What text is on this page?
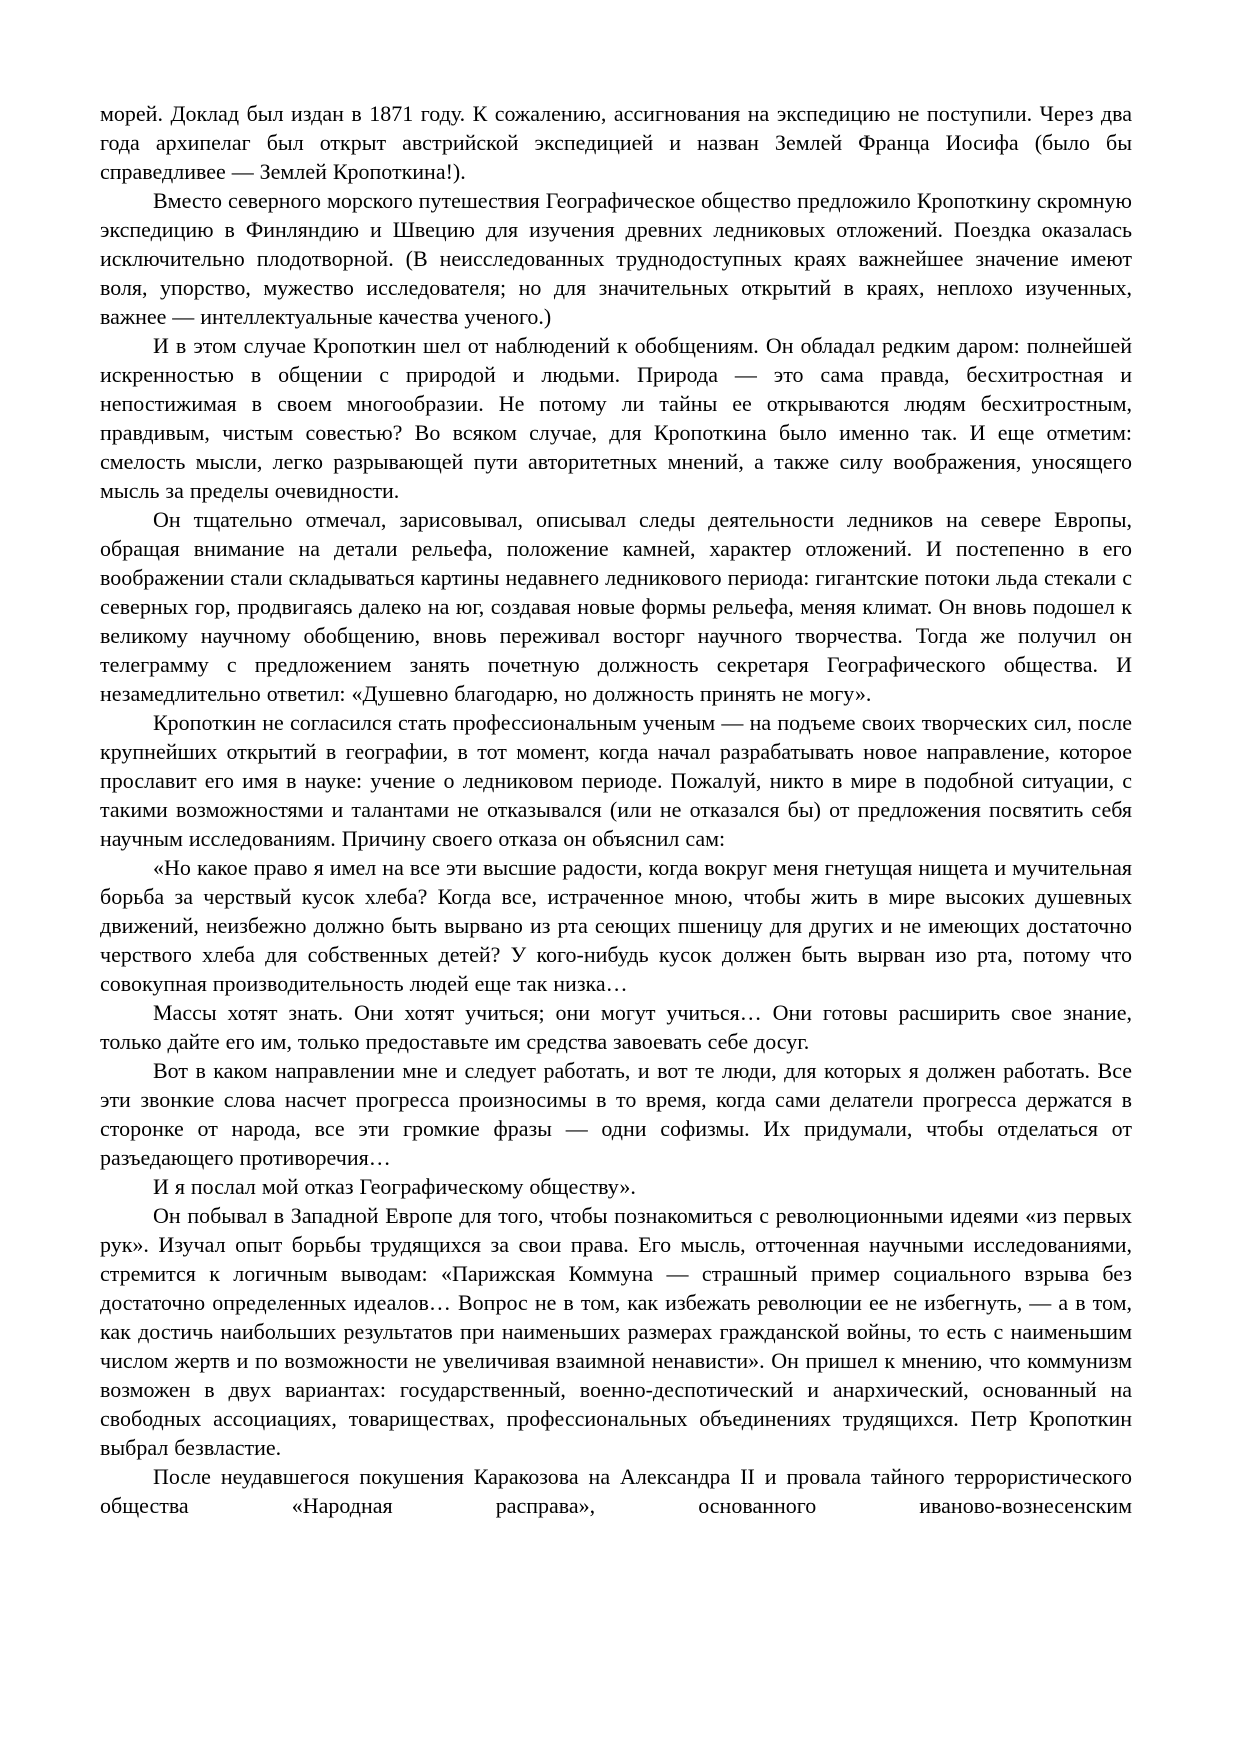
морей. Доклад был издан в 1871 году. К сожалению, ассигнования на экспедицию не поступили. Через два года архипелаг был открыт австрийской экспедицией и назван Землей Франца Иосифа (было бы справедливее — Землей Кропоткина!).

Вместо северного морского путешествия Географическое общество предложило Кропоткину скромную экспедицию в Финляндию и Швецию для изучения древних ледниковых отложений. Поездка оказалась исключительно плодотворной. (В неисследованных труднодоступных краях важнейшее значение имеют воля, упорство, мужество исследователя; но для значительных открытий в краях, неплохо изученных, важнее — интеллектуальные качества ученого.)

И в этом случае Кропоткин шел от наблюдений к обобщениям. Он обладал редким даром: полнейшей искренностью в общении с природой и людьми. Природа — это сама правда, бесхитростная и непостижимая в своем многообразии. Не потому ли тайны ее открываются людям бесхитростным, правдивым, чистым совестью? Во всяком случае, для Кропоткина было именно так. И еще отметим: смелость мысли, легко разрывающей пути авторитетных мнений, а также силу воображения, уносящего мысль за пределы очевидности.

Он тщательно отмечал, зарисовывал, описывал следы деятельности ледников на севере Европы, обращая внимание на детали рельефа, положение камней, характер отложений. И постепенно в его воображении стали складываться картины недавнего ледникового периода: гигантские потоки льда стекали с северных гор, продвигаясь далеко на юг, создавая новые формы рельефа, меняя климат. Он вновь подошел к великому научному обобщению, вновь переживал восторг научного творчества. Тогда же получил он телеграмму с предложением занять почетную должность секретаря Географического общества. И незамедлительно ответил: «Душевно благодарю, но должность принять не могу».

Кропоткин не согласился стать профессиональным ученым — на подъеме своих творческих сил, после крупнейших открытий в географии, в тот момент, когда начал разрабатывать новое направление, которое прославит его имя в науке: учение о ледниковом периоде. Пожалуй, никто в мире в подобной ситуации, с такими возможностями и талантами не отказывался (или не отказался бы) от предложения посвятить себя научным исследованиям. Причину своего отказа он объяснил сам:

«Но какое право я имел на все эти высшие радости, когда вокруг меня гнетущая нищета и мучительная борьба за черствый кусок хлеба? Когда все, истраченное мною, чтобы жить в мире высоких душевных движений, неизбежно должно быть вырвано из рта сеющих пшеницу для других и не имеющих достаточно черствого хлеба для собственных детей? У кого-нибудь кусок должен быть вырван изо рта, потому что совокупная производительность людей еще так низка…

Массы хотят знать. Они хотят учиться; они могут учиться… Они готовы расширить свое знание, только дайте его им, только предоставьте им средства завоевать себе досуг.

Вот в каком направлении мне и следует работать, и вот те люди, для которых я должен работать. Все эти звонкие слова насчет прогресса произносимы в то время, когда сами делатели прогресса держатся в сторонке от народа, все эти громкие фразы — одни софизмы. Их придумали, чтобы отделаться от разъедающего противоречия…

И я послал мой отказ Географическому обществу».

Он побывал в Западной Европе для того, чтобы познакомиться с революционными идеями «из первых рук». Изучал опыт борьбы трудящихся за свои права. Его мысль, отточенная научными исследованиями, стремится к логичным выводам: «Парижская Коммуна — страшный пример социального взрыва без достаточно определенных идеалов… Вопрос не в том, как избежать революции ее не избегнуть, — а в том, как достичь наибольших результатов при наименьших размерах гражданской войны, то есть с наименьшим числом жертв и по возможности не увеличивая взаимной ненависти». Он пришел к мнению, что коммунизм возможен в двух вариантах: государственный, военно-деспотический и анархический, основанный на свободных ассоциациях, товариществах, профессиональных объединениях трудящихся. Петр Кропоткин выбрал безвластие.

После неудавшегося покушения Каракозова на Александра II и провала тайного террористического общества «Народная расправа», основанного иваново-вознесенским
